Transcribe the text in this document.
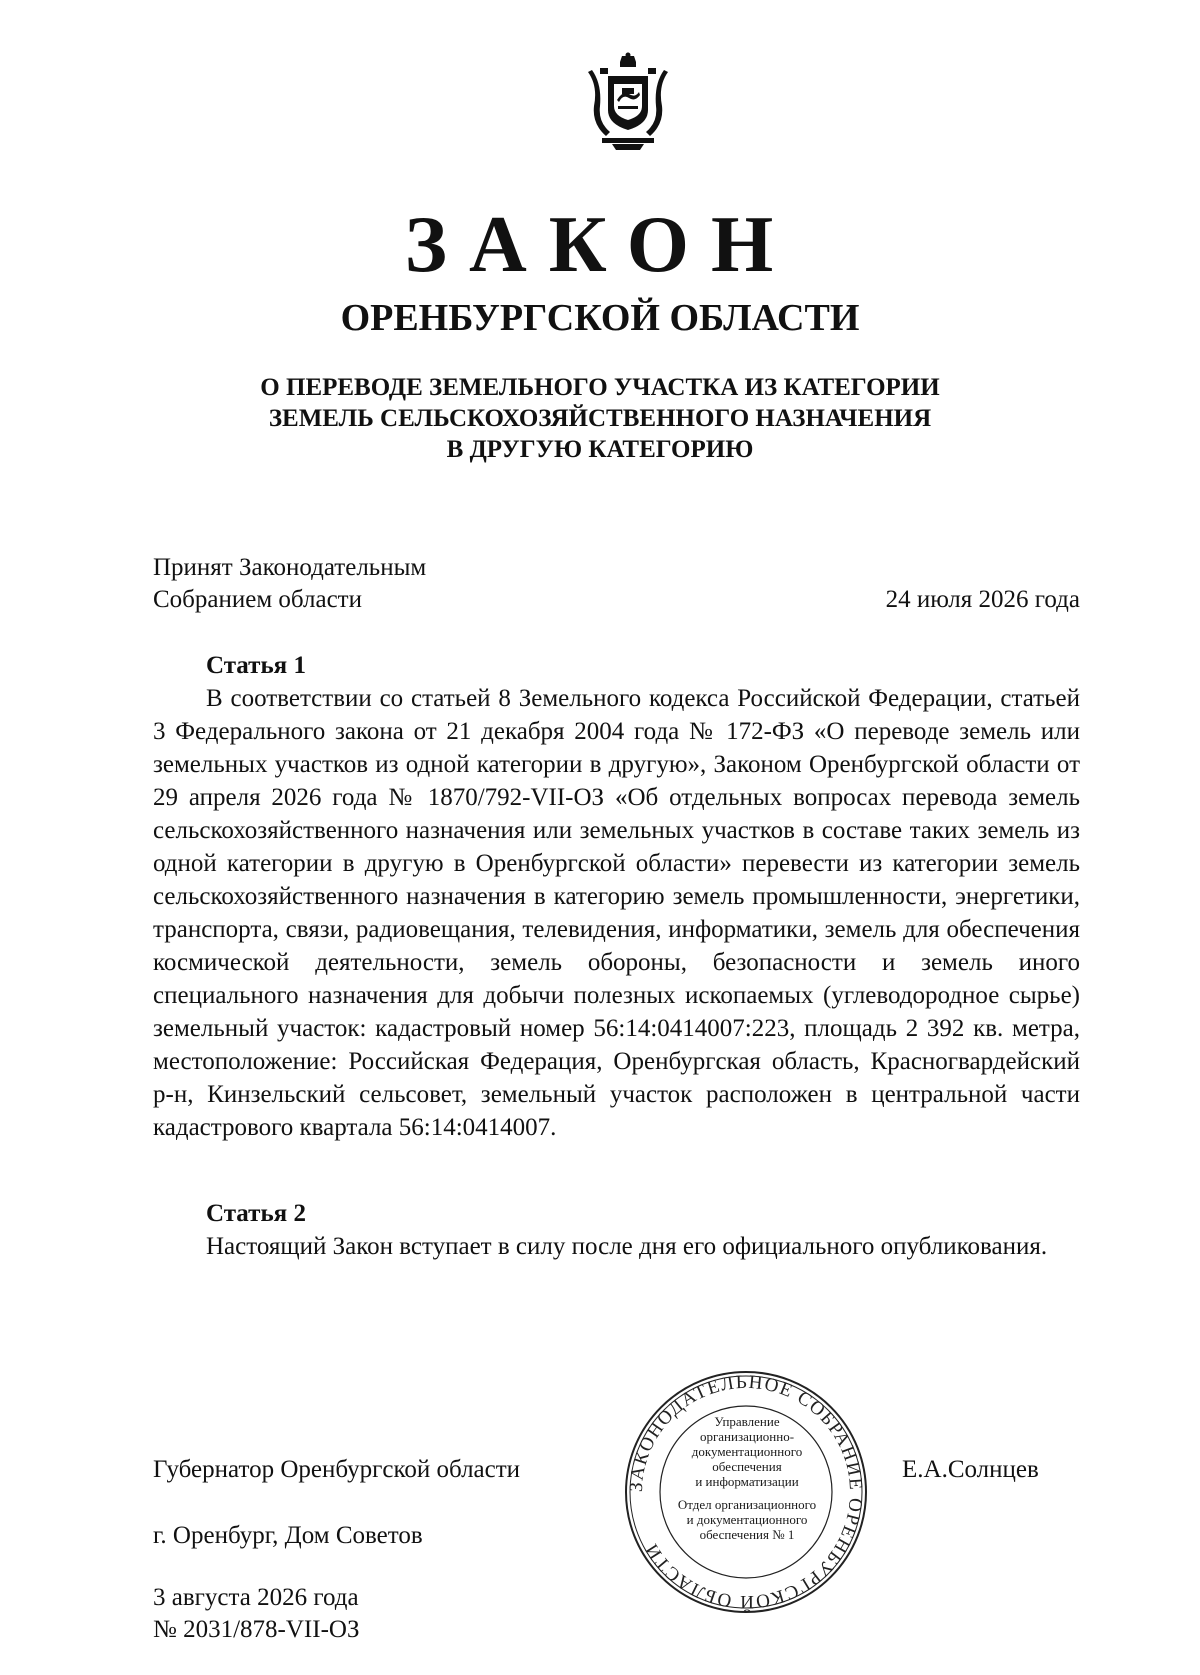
ЗАКОН
ОРЕНБУРГСКОЙ ОБЛАСТИ
О ПЕРЕВОДЕ ЗЕМЕЛЬНОГО УЧАСТКА ИЗ КАТЕГОРИИ
ЗЕМЕЛЬ СЕЛЬСКОХОЗЯЙСТВЕННОГО НАЗНАЧЕНИЯ
В ДРУГУЮ КАТЕГОРИЮ
Принят Законодательным
Собранием области	24 июля 2026 года
Статья 1
В соответствии со статьей 8 Земельного кодекса Российской Федерации, статьей 3 Федерального закона от 21 декабря 2004 года № 172-ФЗ «О переводе земель или земельных участков из одной категории в другую», Законом Оренбургской области от 29 апреля 2026 года № 1870/792-VII-ОЗ «Об отдельных вопросах перевода земель сельскохозяйственного назначения или земельных участков в составе таких земель из одной категории в другую в Оренбургской области» перевести из категории земель сельскохозяйственного назначения в категорию земель промышленности, энергетики, транспорта, связи, радиовещания, телевидения, информатики, земель для обеспечения космической деятельности, земель обороны, безопасности и земель иного специального назначения для добычи полезных ископаемых (углеводородное сырье) земельный участок: кадастровый номер 56:14:0414007:223, площадь 2 392 кв. метра, местоположение: Российская Федерация, Оренбургская область, Красногвардейский р-н, Кинзельский сельсовет, земельный участок расположен в центральной части кадастрового квартала 56:14:0414007.
Статья 2
Настоящий Закон вступает в силу после дня его официального опубликования.
Губернатор Оренбургской области	Е.А.Солнцев
г. Оренбург, Дом Советов
3 августа 2026 года
№ 2031/878-VII-ОЗ
ЗАКОНОДАТЕЛЬНОЕ СОБРАНИЕ ОРЕНБУРГСКОЙ ОБЛАСТИ
Управление
организационно-
документационного
обеспечения
и информатизации
Отдел организационного
и документационного
обеспечения № 1
